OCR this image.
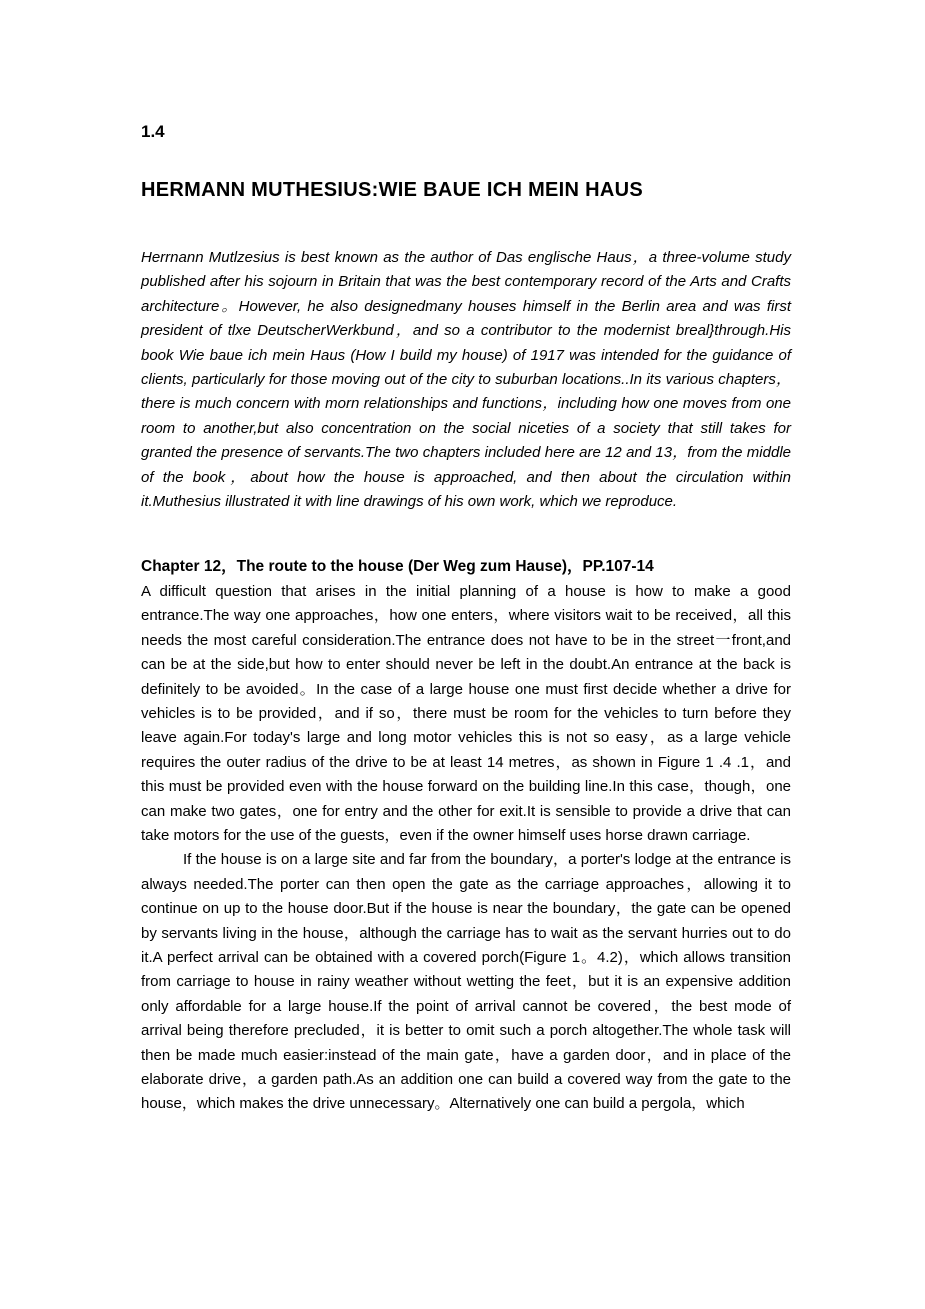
1.4
HERMANN MUTHESIUS:WIE BAUE ICH MEIN HAUS

Herrnann Mutlzesius is best known as the author of Das englische Haus，a three-volume study published after his sojourn in Britain that was the best contemporary record of the Arts and Crafts architecture。However, he also designedmany houses himself in the Berlin area and was first president of tlxe DeutscherWerkbund，and so a contributor to the modernist breal}through.His book Wie baue ich mein Haus (How I build my house) of 1917 was intended for the guidance of clients, particularly for those moving out of the city to suburban locations..In its various chapters，there is much concern with morn relationships and functions，including how one moves from one room to another,but also concentration on the social niceties of a society that still takes for granted the presence of servants.The two chapters included here are 12 and 13，from the middle of the book，about how the house is approached, and then about the circulation within it.Muthesius illustrated it with line drawings of his own work, which we reproduce.

Chapter 12，The route to the house (Der Weg zum Hause)，PP.107-14

A difficult question that arises in the initial planning of a house is how to make a good entrance.The way one approaches，how one enters，where visitors wait to be received，all this needs the most careful consideration.The entrance does not have to be in the street一front,and can be at the side,but how to enter should never be left in the doubt.An entrance at the back is definitely to be avoided。In the case of a large house one must first decide whether a drive for vehicles is to be provided，and if so，there must be room for the vehicles to turn before they leave again.For today's large and long motor vehicles this is not so easy，as a large vehicle requires the outer radius of the drive to be at least 14 metres，as shown in Figure 1 .4 .1，and this must be provided even with the house forward on the building line.In this case，though，one can make two gates，one for entry and the other for exit.It is sensible to provide a drive that can take motors for the use of the guests，even if the owner himself uses horse drawn carriage.

If the house is on a large site and far from the boundary，a porter's lodge at the entrance is always needed.The porter can then open the gate as the carriage approaches，allowing it to continue on up to the house door.But if the house is near the boundary，the gate can be opened by servants living in the house，although the carriage has to wait as the servant hurries out to do it.A perfect arrival can be obtained with a covered porch(Figure 1。4.2)，which allows transition from carriage to house in rainy weather without wetting the feet，but it is an expensive addition only affordable for a large house.If the point of arrival cannot be covered，the best mode of arrival being therefore precluded，it is better to omit such a porch altogether.The whole task will then be made much easier:instead of the main gate，have a garden door，and in place of the elaborate drive，a garden path.As an addition one can build a covered way from the gate to the house，which makes the drive unnecessary。Alternatively one can build a pergola，which
